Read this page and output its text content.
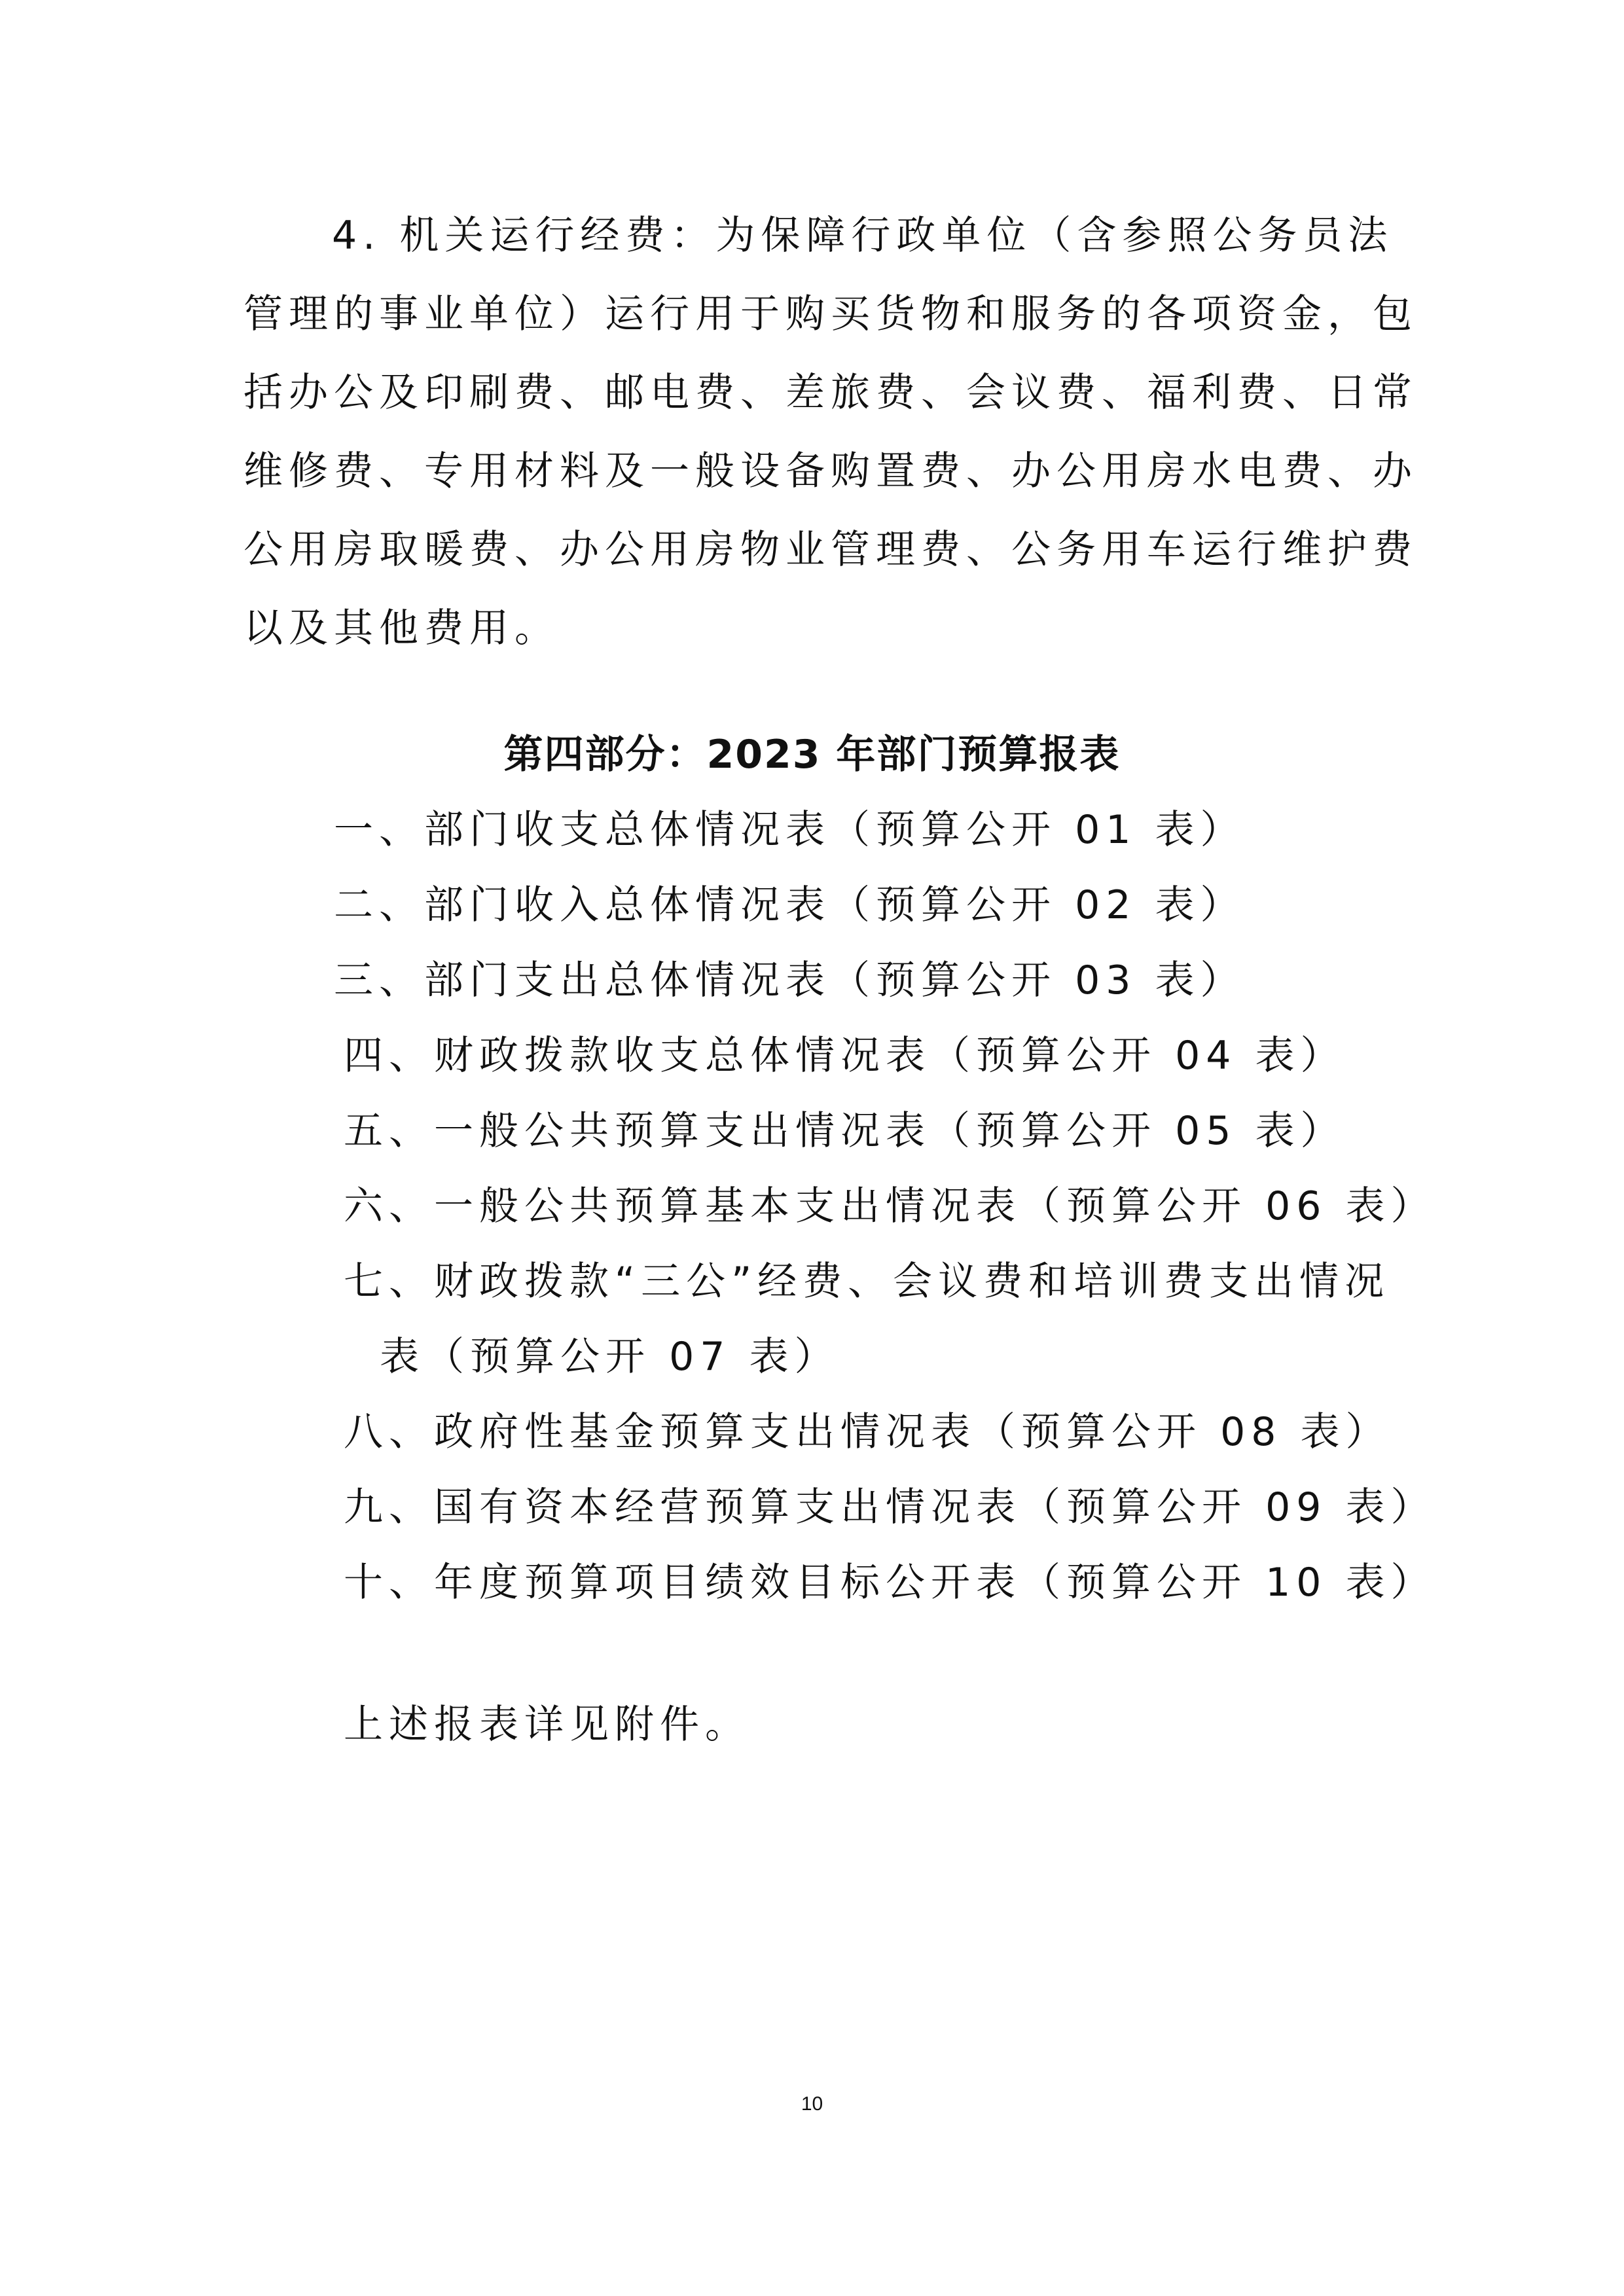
4. 机关运行经费：为保障行政单位（含参照公务员法

管理的事业单位）运行用于购买货物和服务的各项资金，包

括办公及印刷费、邮电费、差旅费、会议费、福利费、日常

维修费、专用材料及一般设备购置费、办公用房水电费、办

公用房取暖费、办公用房物业管理费、公务用车运行维护费

以及其他费用。

第四部分：2023 年部门预算报表

一、部门收支总体情况表（预算公开 01 表）

二、部门收入总体情况表（预算公开 02 表）

三、部门支出总体情况表（预算公开 03 表）

四、财政拨款收支总体情况表（预算公开 04 表）

五、一般公共预算支出情况表（预算公开 05 表）

六、一般公共预算基本支出情况表（预算公开 06 表）

七、财政拨款“三公”经费、会议费和培训费支出情况

表（预算公开 07 表）

八、政府性基金预算支出情况表（预算公开 08 表）

九、国有资本经营预算支出情况表（预算公开 09 表）

十、年度预算项目绩效目标公开表（预算公开 10 表）

上述报表详见附件。

10
